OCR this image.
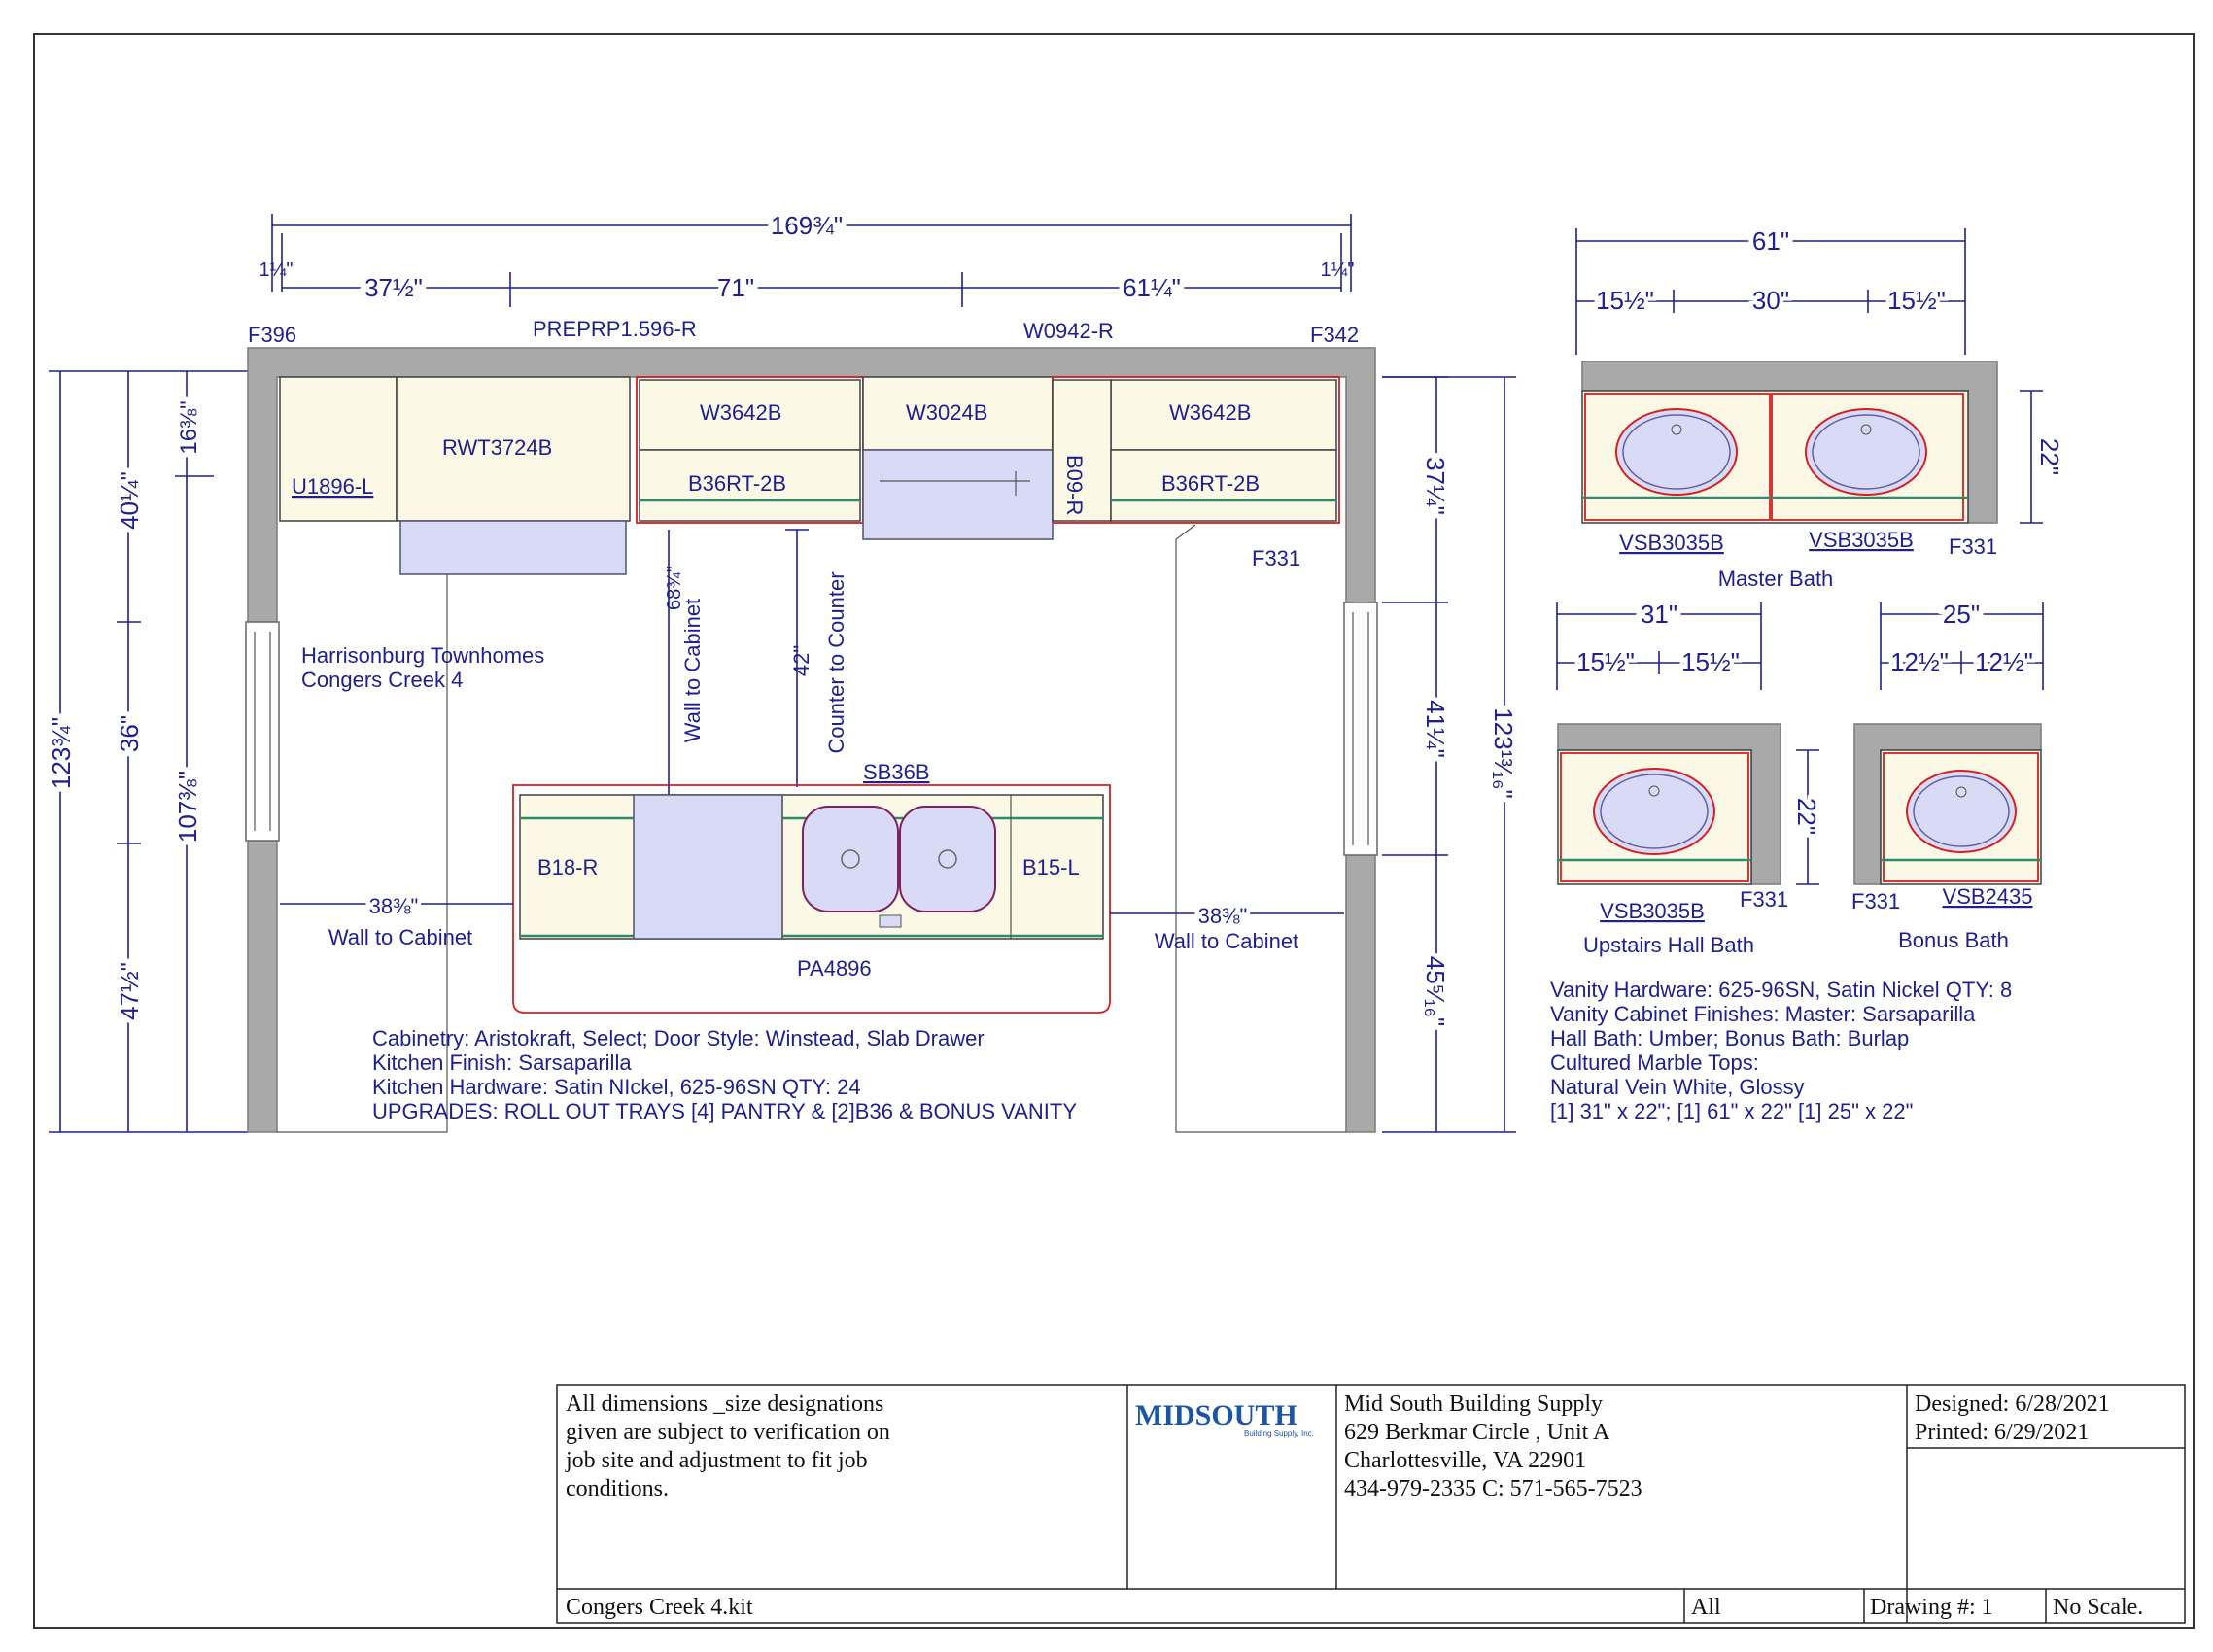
169¾"
1¼"	1¼"
37½"	71"	61¼"
123¾"
40¼"
36"
47½"
16⅜"
107⅜"
37¼"
41¼"
45⁵⁄₁₆"
123¹³⁄₁₆"
F396	F342
PREPRP1.596-R	W0942-R
U1896-L
RWT3724B
W3642B	W3024B	W3642B
B36RT-2B	B09-R	B36RT-2B
F331
68¾"
Wall to Cabinet	42" Counter to Counter
Harrisonburg Townhomes
Congers Creek 4
SB36B
B18-R	B15-L
PA4896
38⅜"
Wall to Cabinet
38⅜"
Wall to Cabinet
Cabinetry: Aristokraft, Select; Door Style: Winstead, Slab Drawer
Kitchen Finish: Sarsaparilla
Kitchen Hardware: Satin NIckel, 625-96SN QTY: 24
UPGRADES: ROLL OUT TRAYS [4] PANTRY & [2]B36 & BONUS VANITY
61"
15½"	30"	15½"
22"
VSB3035B	VSB3035B F331
Master Bath
31"
15½" 15½"
22"
VSB3035B F331
Upstairs Hall Bath
25"
12½" 12½"
F331 VSB2435
Bonus Bath
Vanity Hardware: 625-96SN, Satin Nickel QTY: 8
Vanity Cabinet Finishes: Master: Sarsaparilla
Hall Bath: Umber; Bonus Bath: Burlap
Cultured Marble Tops:
Natural Vein White, Glossy
[1] 31" x 22"; [1] 61" x 22" [1] 25" x 22"
All dimensions _size designations
given are subject to verification on
job site and adjustment to fit job
conditions.
MIDSOUTH
Building Supply, Inc.
Mid South Building Supply
629 Berkmar Circle , Unit A
Charlottesville, VA 22901
434-979-2335 C: 571-565-7523
Designed: 6/28/2021
Printed: 6/29/2021
Congers Creek 4.kit	All	Drawing #: 1	No Scale.
